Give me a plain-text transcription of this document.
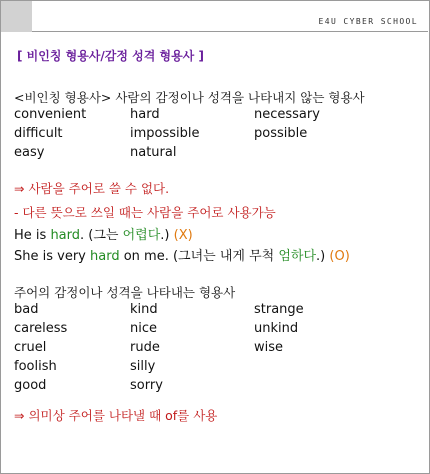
E4U CYBER SCHOOL
[ 비인칭 형용사/감정 성격 형용사 ]
<비인칭 형용사> 사람의 감정이나 성격을 나타내지 않는 형용사
convenient	hard	necessary
difficult	impossible	possible
easy	natural
⇒ 사람을 주어로 쓸 수 없다.
- 다른 뜻으로 쓰일 때는 사람을 주어로 사용가능
He is hard. (그는 어렵다.) (X)
She is very hard on me. (그녀는 내게 무척 엄하다.) (O)
주어의 감정이나 성격을 나타내는 형용사
bad	kind	strange
careless	nice	unkind
cruel	rude	wise
foolish	silly
good	sorry
⇒ 의미상 주어를 나타낼 때 of를 사용
